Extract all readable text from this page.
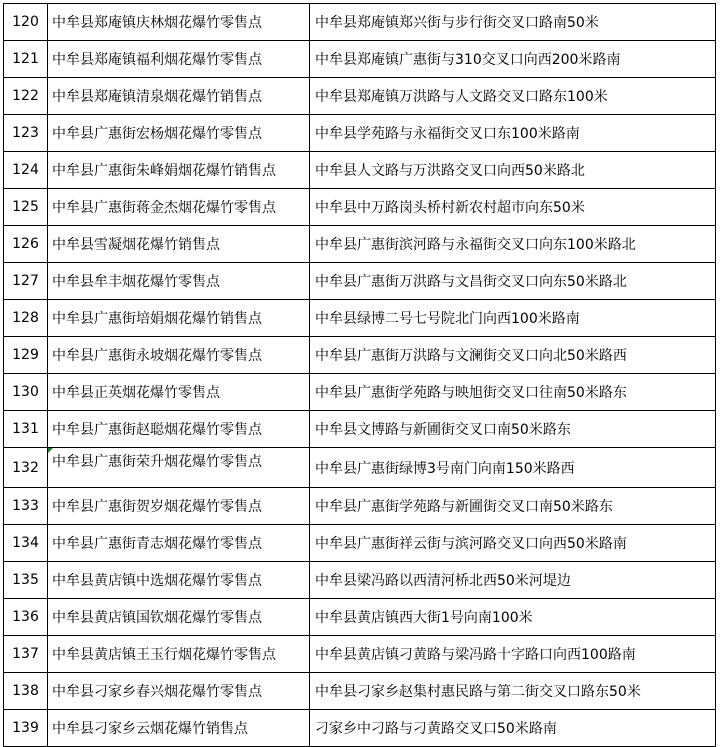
120	中牟县郑庵镇庆林烟花爆竹零售点	中牟县郑庵镇郑兴街与步行街交叉口路南50米
121	中牟县郑庵镇福利烟花爆竹零售点	中牟县郑庵镇广惠街与310交叉口向西200米路南
122	中牟县郑庵镇清泉烟花爆竹销售点	中牟县郑庵镇万洪路与人文路交叉口路东100米
123	中牟县广惠街宏杨烟花爆竹零售点	中牟县学苑路与永福街交叉口东100米路南
124	中牟县广惠街朱峰娟烟花爆竹销售点	中牟县人文路与万洪路交叉口向西50米路北
125	中牟县广惠街蒋金杰烟花爆竹零售点	中牟县中万路岗头桥村新农村超市向东50米
126	中牟县雪凝烟花爆竹销售点	中牟县广惠街滨河路与永福街交叉口向东100米路北
127	中牟县牟丰烟花爆竹零售点	中牟县广惠街万洪路与文昌街交叉口向东50米路北
128	中牟县广惠街培娟烟花爆竹销售点	中牟县绿博二号七号院北门向西100米路南
129	中牟县广惠街永坡烟花爆竹零售点	中牟县广惠街万洪路与文澜街交叉口向北50米路西
130	中牟县正英烟花爆竹零售点	中牟县广惠街学苑路与映旭街交叉口往南50米路东
131	中牟县广惠街赵聪烟花爆竹零售点	中牟县文博路与新圃街交叉口南50米路东
132	中牟县广惠街荣升烟花爆竹零售点	中牟县广惠街绿博3号南门向南150米路西
133	中牟县广惠街贺岁烟花爆竹零售点	中牟县广惠街学苑路与新圃街交叉口南50米路东
134	中牟县广惠街青志烟花爆竹零售点	中牟县广惠街祥云街与滨河路交叉口向西50米路南
135	中牟县黄店镇中选烟花爆竹零售点	中牟县梁冯路以西清河桥北西50米河堤边
136	中牟县黄店镇国钦烟花爆竹零售点	中牟县黄店镇西大街1号向南100米
137	中牟县黄店镇王玉行烟花爆竹零售点	中牟县黄店镇刁黄路与梁冯路十字路口向西100路南
138	中牟县刁家乡春兴烟花爆竹零售点	中牟县刁家乡赵集村惠民路与第二街交叉口路东50米
139	中牟县刁家乡云烟花爆竹销售点	刁家乡中刁路与刁黄路交叉口50米路南
